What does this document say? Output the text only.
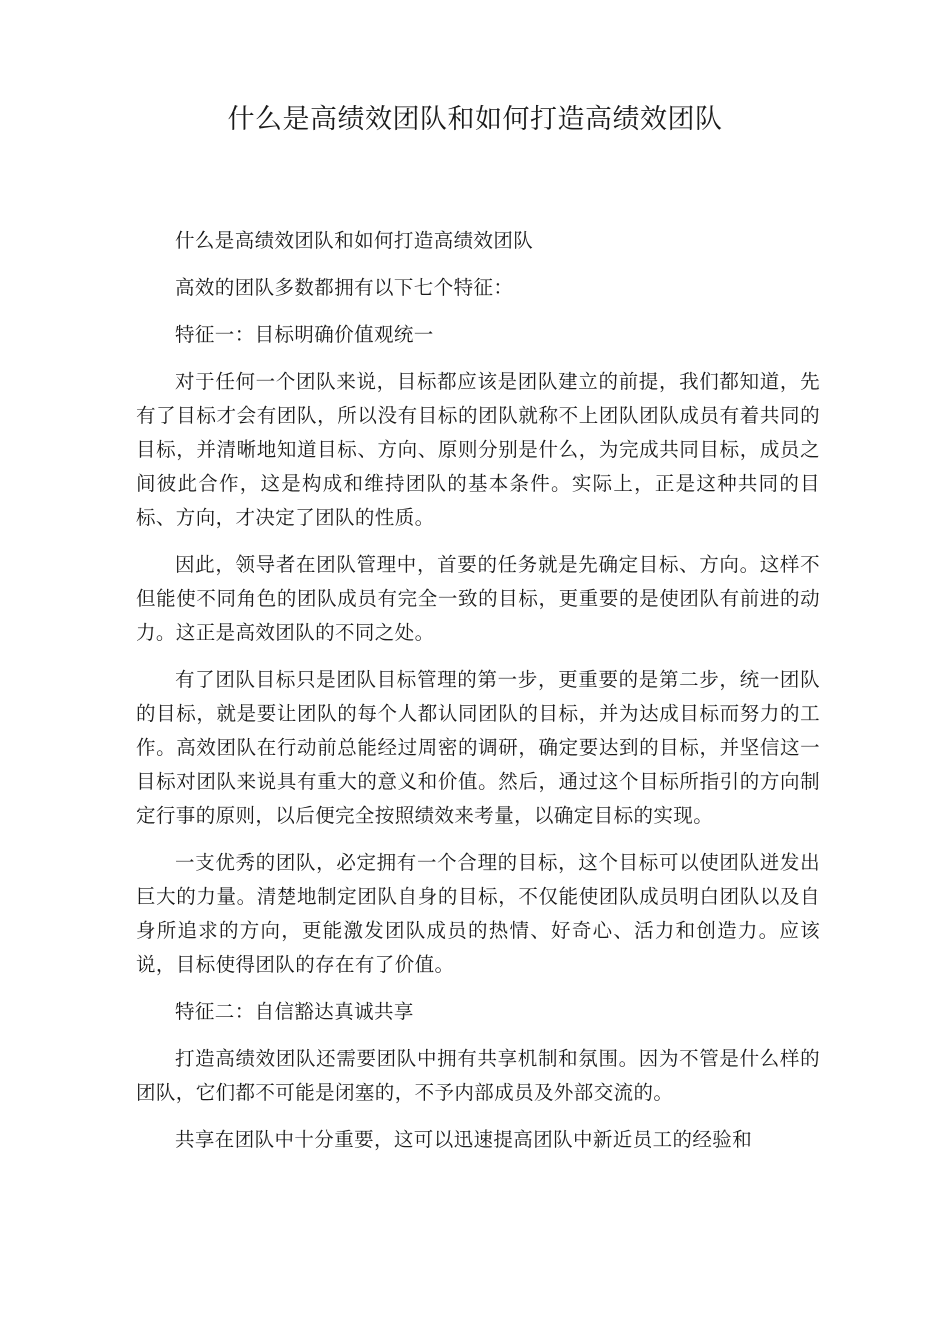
什么是高绩效团队和如何打造高绩效团队

什么是高绩效团队和如何打造高绩效团队

高效的团队多数都拥有以下七个特征：

特征一：目标明确价值观统一

对于任何一个团队来说，目标都应该是团队建立的前提，我们都知道，先有了目标才会有团队，所以没有目标的团队就称不上团队团队成员有着共同的目标，并清晰地知道目标、方向、原则分别是什么，为完成共同目标，成员之间彼此合作，这是构成和维持团队的基本条件。实际上，正是这种共同的目标、方向，才决定了团队的性质。

因此，领导者在团队管理中，首要的任务就是先确定目标、方向。这样不但能使不同角色的团队成员有完全一致的目标，更重要的是使团队有前进的动力。这正是高效团队的不同之处。

有了团队目标只是团队目标管理的第一步，更重要的是第二步，统一团队的目标，就是要让团队的每个人都认同团队的目标，并为达成目标而努力的工作。高效团队在行动前总能经过周密的调研，确定要达到的目标，并坚信这一目标对团队来说具有重大的意义和价值。然后，通过这个目标所指引的方向制定行事的原则，以后便完全按照绩效来考量，以确定目标的实现。

一支优秀的团队，必定拥有一个合理的目标，这个目标可以使团队迸发出巨大的力量。清楚地制定团队自身的目标，不仅能使团队成员明白团队以及自身所追求的方向，更能激发团队成员的热情、好奇心、活力和创造力。应该说，目标使得团队的存在有了价值。

特征二：自信豁达真诚共享

打造高绩效团队还需要团队中拥有共享机制和氛围。因为不管是什么样的团队，它们都不可能是闭塞的，不予内部成员及外部交流的。

共享在团队中十分重要，这可以迅速提高团队中新近员工的经验和
